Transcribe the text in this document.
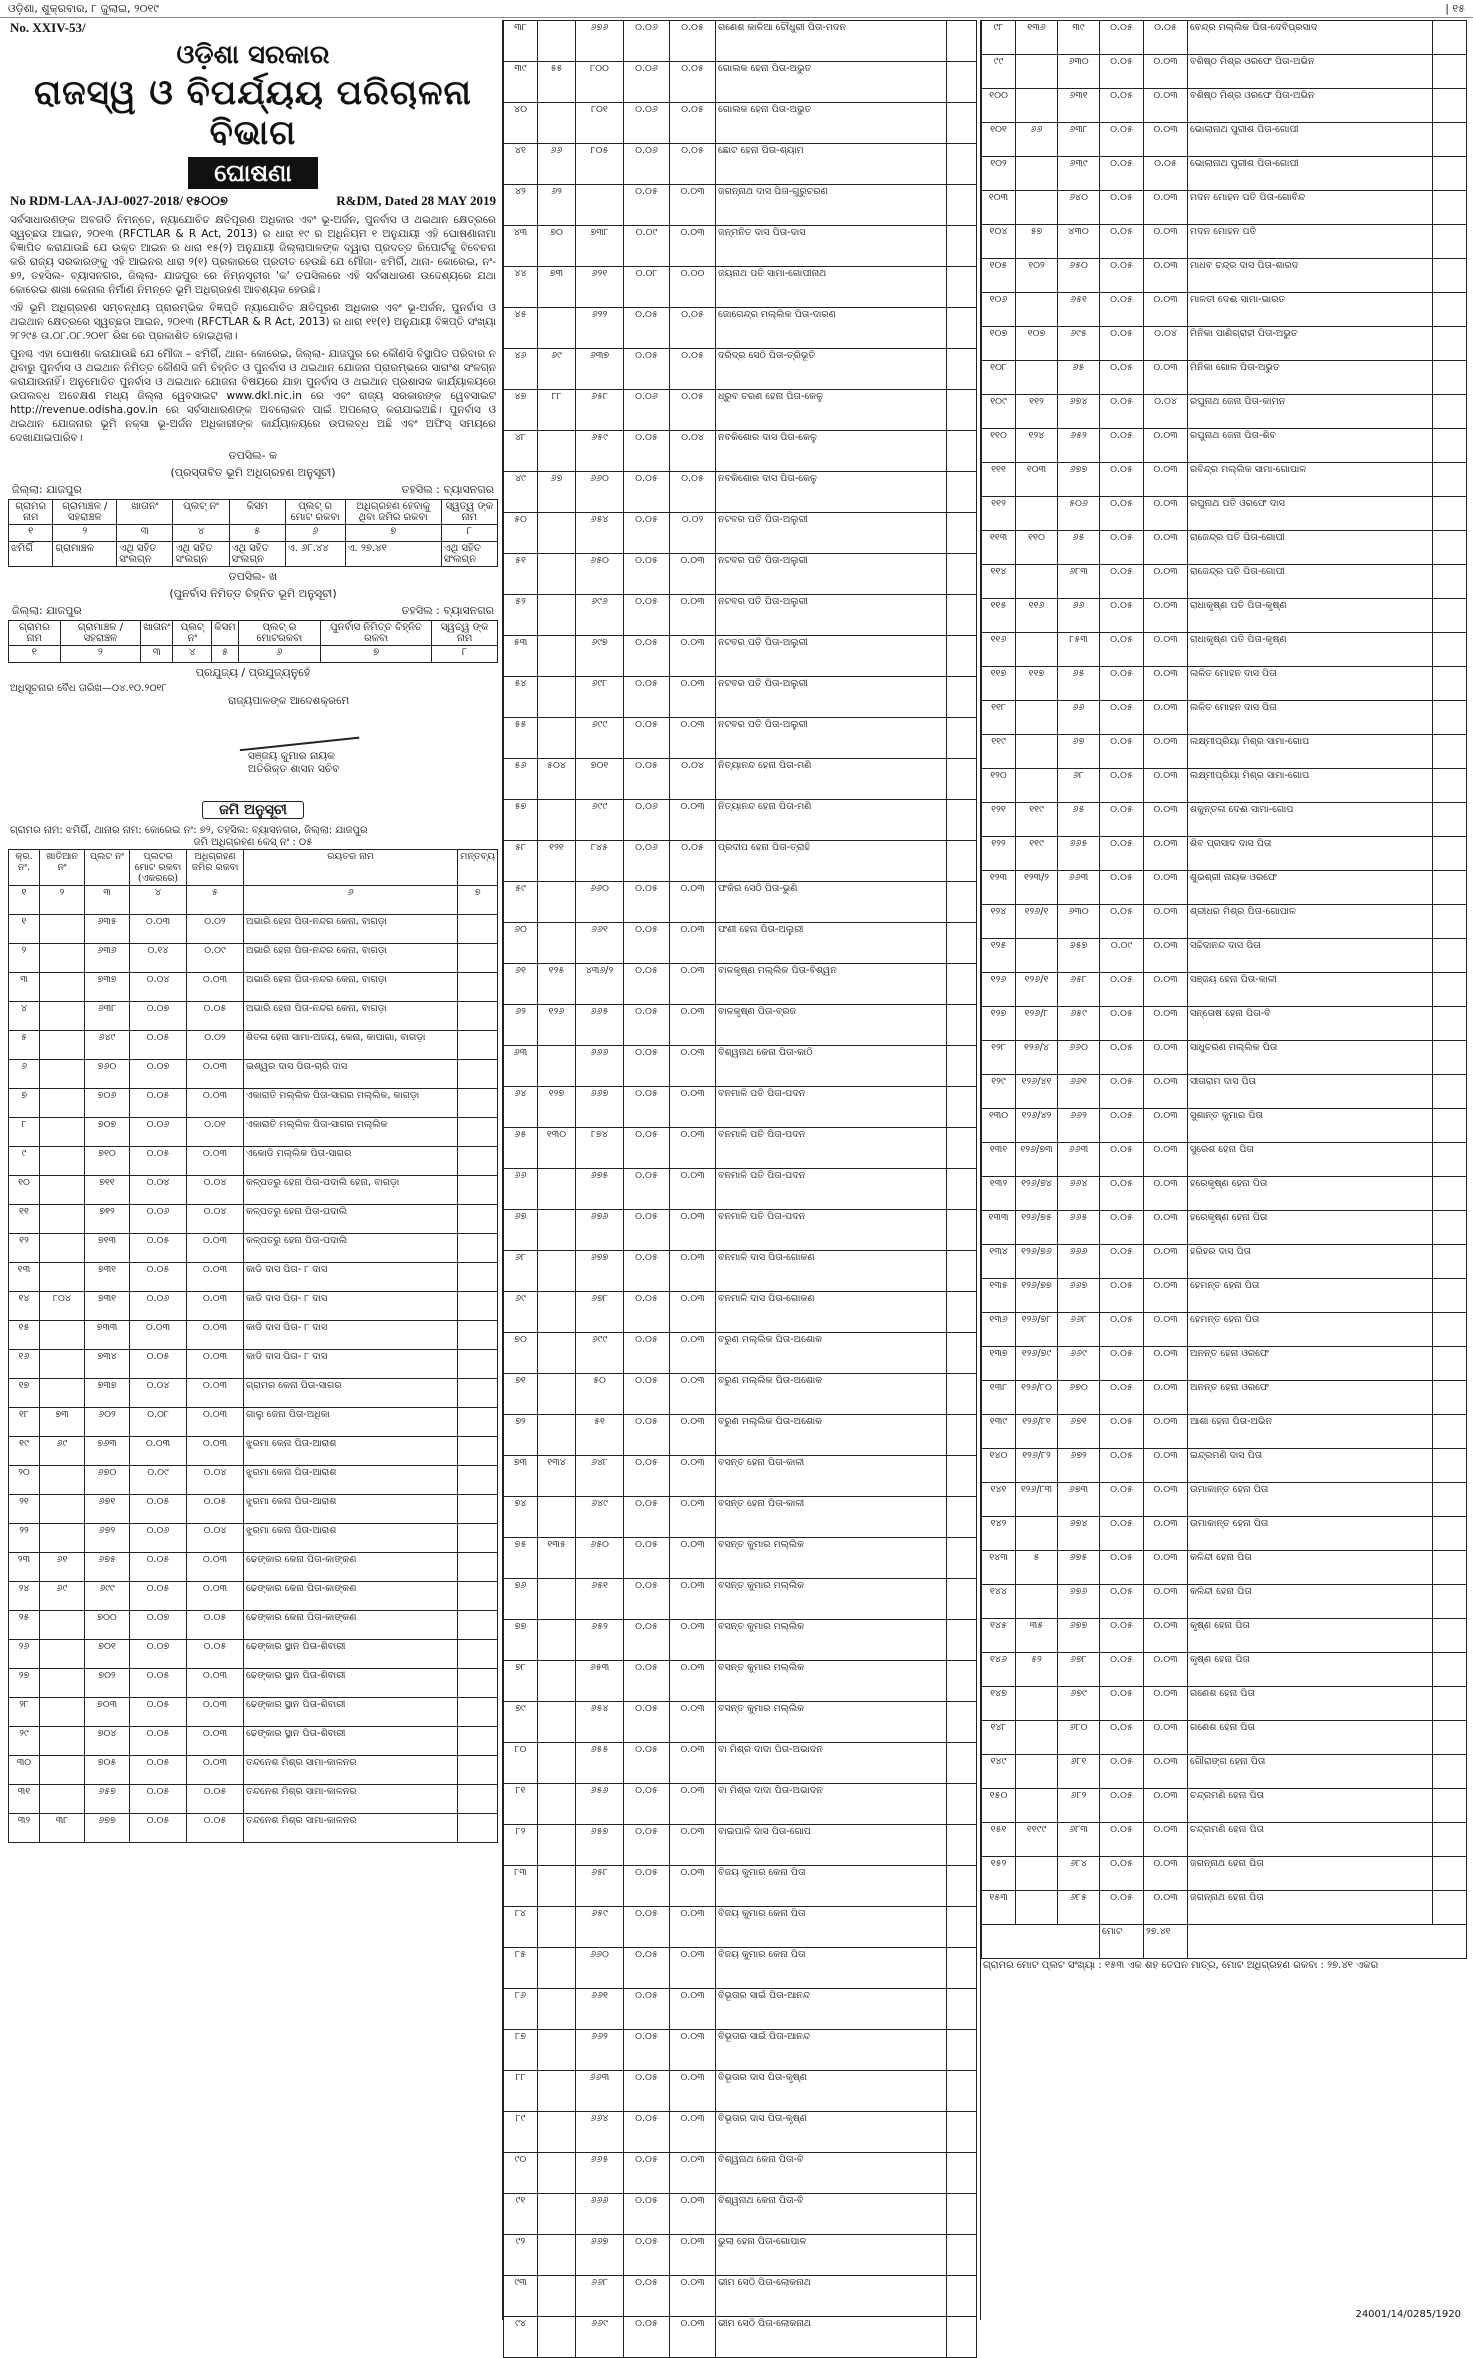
ଓଡ଼ିଶା, ଶୁକ୍ରବାର, ୮ ଜୁଲାଇ, ୨୦୧୯	| ୧୫
No. XXIV-53/
ଓଡ଼ିଶା ସରକାର
ରାଜସ୍ୱ ଓ ବିପର୍ଯ୍ୟୟ ପରିଚାଳନା ବିଭାଗ
ଘୋଷଣା
No RDM-LAA-JAJ-0027-2018/ ୧୫୦୦୭	R&DM, Dated 28 MAY 2019

ସର୍ବସାଧାରଣଙ୍କ ଅବଗତି ନିମନ୍ତେ, ନ୍ୟାଯୋଚିତ କ୍ଷତିପୂରଣ ଅଧିକାର ଏବଂ ଭୂ-ଅର୍ଜନ, ପୁନର୍ବାସ ଓ ଥଇଥାନ କ୍ଷେତ୍ରରେ ସ୍ୱଚ୍ଛତା ଆଇନ, ୨୦୧୩ (RFCTLAR & R Act, 2013) ର ଧାରା ୧୯ ର ଅଧିନିୟମ ୧ ଅନୁଯାୟୀ ଏହି ଘୋଷଣାନାମା ବିଜ୍ଞାପିତ କରାଯାଉଛି ଯେ ଉକ୍ତ ଆଇନ ର ଧାରା ୧୫(୨) ଅନୁଯାୟୀ ଜିଲ୍ଲାପାଳଙ୍କ ଦ୍ୱାରା ପ୍ରଦତ୍ତ ରିପୋର୍ଟକୁ ବିବେଚନା କରି ରାଜ୍ୟ ସରକାରଙ୍କୁ ଏହି ଆଇନର ଧାରା ୨(୧) ପ୍ରକାରରେ ପ୍ରତୀତ ହେଉଛି ଯେ ମୌଜା- ଝମିର୍ଗି, ଥାନା- କୋରେଇ, ନଂ- ୭୨, ତହସିଲ- ବ୍ୟାସନଗର, ଜିଲ୍ଲା- ଯାଜପୁର ରେ ନିମ୍ନସୂଚୀର 'କ' ତପସିଲରେ ଏହି ସର୍ବସାଧାରଣ ଉଦ୍ଦେଶ୍ୟରେ ଯଥା କୋରେଇ ଶାଖା କେନାଲ ନିର୍ମାଣ ନିମନ୍ତେ ଭୂମି ଅଧିଗ୍ରହଣ ଆବଶ୍ୟକ ହେଉଛି।

ଏହି ଭୂମି ଅଧିଗ୍ରହଣ ସମ୍ବନ୍ଧୀୟ ପ୍ରାରମ୍ଭିକ ବିଜ୍ଞପ୍ତି ନ୍ୟାଯୋଚିତ କ୍ଷତିପୂରଣ ଅଧିକାର ଏବଂ ଭୂ-ଅର୍ଜନ, ପୁନର୍ବାସ ଓ ଥଇଥାନ କ୍ଷେତ୍ରରେ ସ୍ୱଚ୍ଛତା ଆଇନ, ୨୦୧୩ (RFCTLAR & R Act, 2013) ର ଧାରା ୧୧(୧) ଅନୁଯାୟୀ ବିଜ୍ଞପ୍ତି ସଂଖ୍ୟା ୨୮୨୯୫ ତା.୦୮.୦୮.୨୦୧୮ ରିଖ ରେ ପ୍ରକାଶିତ ହୋଇଥିଲା।

ପୁନଶ୍ଚ ଏହା ଘୋଷଣା କରାଯାଉଛି ଯେ ମୌଜା – ଝମିର୍ଗି, ଥାନା- କୋରେଇ, ଜିଲ୍ଲା- ଯାଜପୁର ରେ କୌଣସି ବିସ୍ଥାପିତ ପରିବାର ନ ଥିବାରୁ ପୁନର୍ବାସ ଓ ଥଇଥାନ ନିମିତ୍ତ କୌଣସି ଜମି ଚିହ୍ନିତ ଓ ପୁନର୍ବାସ ଓ ଥଇଥାନ ଯୋଜନା ପ୍ରାରମ୍ଭରେ ସାରାଂଶ ସଂଳଗ୍ନ କରାଯାଉନାହିଁ। ଅନୁମୋଦିତ ପୁନର୍ବାସ ଓ ଥଇଥାନ ଯୋଜନା ବିଷୟରେ ଯାହା ପୁନର୍ବାସ ଓ ଥଇଥାନ ପ୍ରଶାସକ କାର୍ଯ୍ୟାଳୟରେ ଉପଲବ୍ଧ ଅବେକ୍ଷଣ ମଧ୍ୟ ଜିଲ୍ଲା ୱେବସାଇଟ www.dkl.nic.in ରେ ଏବଂ ରାଜ୍ୟ ସରକାରଙ୍କ ୱେବସାଇଟ http://revenue.odisha.gov.in ରେ ସର୍ବସାଧାରଣଙ୍କ ଅବଲୋକନ ପାଇଁ ଅପଲୋଡ୍ କରାଯାଇଅଛି। ପୁନର୍ବାସ ଓ ଥଇଥାନ ଯୋଜନାର ଭୂମି ନକ୍ସା ଭୂ-ଅର୍ଜନ ଅଧିକାରୀଙ୍କ କାର୍ଯ୍ୟାଳୟରେ ଉପଲବ୍ଧ ଅଛି ଏବଂ ଅଫିସ୍ ସମୟରେ ଦେଖାଯାଇପାରିବ।

ତପସିଲ- କ
(ପ୍ରସ୍ତାବିତ ଭୂମି ଅଧିଗ୍ରହଣ ଅନୁସୂଚୀ)
ଜିଲ୍ଲା: ଯାଜପୁର	ତହସିଲ : ବ୍ୟାସନଗର
ଗ୍ରାମର ନାମ	ଗ୍ରାମାଞ୍ଚଳ / ସହରାଞ୍ଚଳ	ଖାତାନଂ	ପ୍ଲଟ୍ ନଂ	କିସମ	ପ୍ଲଟ୍ ର ମୋଟ ରକବା	ଅଧିଗ୍ରହଣ ହେବାକୁ ଥିବା ଜମିର ରକବା	ସ୍ୱତ୍ୱ ଙ୍କ ନାମ
୧	୨	୩	୪	୫	୬	୭	୮
ଝମିର୍ଗି	ଗ୍ରାମାଞ୍ଚଳ	ଏଥି ସହିତ ସଂଲଗ୍ନ	ଏଥି ସହିତ ସଂଲଗ୍ନ	ଏଥି ସହିତ ସଂଲଗ୍ନ	ଏ. ୬୮.୪୪	ଏ. ୨୭.୪୧	ଏଥି ସହିତ ସଂଲଗ୍ନ
ତପସିଲ- ଖ
(ପୁନର୍ବାସ ନିମିତ୍ତ ଚିହ୍ନିତ ଭୂମି ଅନୁସୂଚୀ)
ଜିଲ୍ଲା: ଯାଜପୁର	ତହସିଲ : ବ୍ୟାସନଗର
ଗ୍ରାମର ନାମ	ଗ୍ରାମାଞ୍ଚଳ / ସହରାଞ୍ଚଳ	ଖାତାନଂ	ପ୍ଲଟ୍ ନଂ	କିସମ	ପ୍ଲଟ୍ ର ମୋଟରକବା	ପୁନର୍ବାସ ନିମିତ୍ତ ଚିହ୍ନିତ ରକବା	ସ୍ୱତ୍ୱ ଙ୍କ ନାମ
୧	୨	୩	୪	୫	୬	୭	୮
ପ୍ରଯୁଜ୍ୟ / ପ୍ରଯୁଜ୍ୟନୁହେଁ
ଅଧିସୂଚନାର ବୈଧ ତାରିଖ—୦୪.୧୦.୨୦୧୮
ରାଜ୍ୟପାଳଙ୍କ ଆଦେଶକ୍ରମେ
ସଞ୍ଜୟ କୁମାର ନାୟକ
ଅତିରିକ୍ତ ଶାସନ ସଚିବ
ଜମି ଅନୁସୂଚୀ
ଗ୍ରାମର ନାମ: ଝମିର୍ଗି, ଥାନାର ନାମ: କୋରେଇ ନଂ: ୭୨, ତହସିଲ: ବ୍ୟାସନଗର, ଜିଲ୍ଲା: ଯାଜପୁର
ଜମି ଅଧିଗ୍ରହଣ କେସ୍ ନଂ : ୦୫
କ୍ର. ନଂ.	ଖାତିଆନ ନଂ	ପ୍ଲଟ ନଂ	ପ୍ଲଟର ମୋଟ ରକବା (ଏକରରେ)	ଅଧିଗ୍ରହଣ ଜମିର ରକବା	ରୟତର ନାମ	ମନ୍ତବ୍ୟ
୧	୨	୩	୪	୫	୬	୭
୧		୬୩୫	୦.୦୩	୦.୦୨	ଅଭାରି ହେନା ପିତା-ନନ୍ଦର କେନା, ବାଗଡ଼ା	
୨		୬୩୬	୦.୧୪	୦.୦୯	ଅଭାରି ହେନା ପିତା-ନନ୍ଦର କେନା, ବାଗଡ଼ା	
୩		୭୩୭	୦.୦୪	୦.୦୩	ଅଭାରି ହେନା ପିତା-ନନ୍ଦର କେନା, ବାଗଡ଼ା	
୪		୬୩୮	୦.୦୭	୦.୦୫	ଅଭାରି ହେନା ପିତା-ନନ୍ଦର କେନା, ବାଗଡ଼ା	
୫		୬୪୯	୦.୦୫	୦.୦୨	ଶିତଳା ହେନା ସାମା-ଅଜୟ, କେନା, କାପାଗା, ବାଗଡ଼ା	
୬		୭୬୦	୦.୦୭	୦.୦୩	ଇଶ୍ୱର ଦାସ ପିତା-ଚାରି ଦାସ	
୭		୭୦୬	୦.୦୫	୦.୦୩	ଏକାରାତି ମଲ୍ଲିକ ପିତା-ସାଗର ମଲ୍ଲିକ, କାଗଡ଼ା	
୮		୭୦୭	୦.୦୬	୦.୦୧	ଏକାରାତି ମଲ୍ଲିକ ପିତା-ସାଗର ମଲ୍ଲିକ	
୯		୭୧୦	୦.୦୫	୦.୦୩	ଏକୋଡି ମଲ୍ଲିକ ପିତା-ସାଗର	
୧୦		୭୧୧	୦.୦୪	୦.୦୪	କଳ୍ପତରୁ ହେନା ପିତା-ପଦାଲି ହେନା, ବାଗଡ଼ା	
୧୧		୭୧୨	୦.୦୬	୦.୦୪	କଳ୍ପତରୁ ହେନା ପିତା-ପଦାଲି	
୧୨		୭୧୩	୦.୦୫	୦.୦୩	କଳ୍ପତରୁ ହେନା ପିତା-ପଦାଲି	
୧୩		୭୩୧	୦.୦୫	୦.୦୩	କାଡି ଦାସ ପିତା- ୮ ଦାସ	
୧୪	୮୦୪	୭୩୧	୦.୦୬	୦.୦୩	କାଡି ଦାସ ପିତା- ୮ ଦାସ	
୧୫		୭୩୩	୦.୦୩	୦.୦୩	କାଡି ଦାସ ପିତା- ୮ ଦାସ	
୧୬		୭୩୪	୦.୦୫	୦.୦୩	କାଡି ଦାସ ପିତା- ୮ ଦାସ	
୧୭		୭୩୭	୦.୦୪	୦.୦୩	ଗ୍ରାମର କେନା ପିତା-ସାଗର	
୧୮	୭୩	୬୦୨	୦.୦୮	୦.୦୩	ଗାଲୁ ଜେନା ପିତା-ଅଧିକା	
୧୯	୬୯	୭୬୩	୦.୦୩	୦.୦୩	ଝୁରମା କେନା ପିତା-ଆରାଶ	
୨୦		୬୭୦	୦.୦୯	୦.୦୪	ଝୁରମା କେନା ପିତା-ଆରାଶ	
୨୧		୬୭୧	୦.୦୫	୦.୦୫	ଝୁରମା କେନା ପିତା-ଆରାଶ	
୨୨		୬୭୨	୦.୦୬	୦.୦୪	ଝୁରମା କେନା ପିତା-ଆରାଶ	
୨୩	୬୧	୬୭୫	୦.୦୫	୦.୦୩	ଢେଙ୍କାର କେନା ପିତା-କାଙ୍କଣ	
୨୪	୬୯	୬୯୯	୦.୦୫	୦.୦୩	ଢେଙ୍କାର କେନା ପିତା-କାଙ୍କଣ	
୨୫		୭୦୦	୦.୦୭	୦.୦୫	ଢେଙ୍କାର କେନା ପିତା-କାଙ୍କଣ	
୨୬		୭୦୧	୦.୦୭	୦.୦୫	ଢେଙ୍କାର ସ୍ଥାନ ପିତା-ଶିବାରୀ	
୨୭		୭୦୨	୦.୦୫	୦.୦୩	ଢେଙ୍କାର ସ୍ଥାନ ପିତା-ଶିବାରୀ	
୨୮		୭୦୩	୦.୦୫	୦.୦୩	ଢେଙ୍କାର ସ୍ଥାନ ପିତା-ଶିବାରୀ	
୨୯		୭୦୪	୦.୦୫	୦.୦୩	ଢେଙ୍କାର ସ୍ଥାନ ପିତା-ଶିବାରୀ	
୩୦		୭୦୫	୦.୦୫	୦.୦୩	ତନ୍ଦନେଶ ମିଶ୍ର ସାମା-କାଳନର	
୩୧		୬୫୭	୦.୦୫	୦.୦୫	ତନ୍ଦନେଶ ମିଶ୍ର ସାମା-କାଳନର	
୩୨	୩୮	୬୭୭	୦.୦୫	୦.୦୫	ତନ୍ଦନେଶ ମିଶ୍ର ସାମା-କାଳନର	
୩୮		୬୭୬	୦.୦୬	୦.୦୫	ଗଣେଶ କାଳିଆ ଚୌଧୁରୀ ପିତା-ମଦନ	
୩୯	୫୫	୮୦୦	୦.୦୬	୦.୦୫	ଗୋଲକ ହେନା ପିତା-ଅଭୁତ	
୪୦		୮୦୧	୦.୦୬	୦.୦୫	ଗୋଲକ ହେନା ପିତା-ଅଭୁତ	
୪୧	୬୬	୮୦୫	୦.୦୬	୦.୦୫	ଛୋଟ ହେନା ପିତା-ଶ୍ୟାମ	
୪୨	୬୨		୦.୦୫	୦.୦୩	ଜଗନ୍ନାଥ ଦାସ ପିତା-ଗୁରୁଚରଣ	
୪୩	୭୦	୭୩୮	୦.୦୯	୦.୦୩	ଜନ୍ମନିତ ଦାସ ପିତା-ଦାସ	
୪୪	୭୩	୬୨୧	୦.୦୮	୦.୦୦	ଜୟନାଥ ପତି ସାମା-ଗୋପୀନାଥ	
୪୫		୬୨୨	୦.୦୫	୦.୦୫	ଜୋଗେନ୍ଦ୍ର ମଲ୍ଲିକ ପିତା-ଦାରଣ	
୪୬	୬୯	୬୩୭	୦.୦୫	୦.୦୫	ଦରିଦ୍ର ସେଠି ପିତା-ତ୍ରିଭୂତି	
୪୭	୮୮	୬୫୮	୦.୦୬	୦.୦୫	ଧ୍ରୁବ ଚରଣ ହେନା ପିତା-କେଳୁ	
୪୮		୬୫୯	୦.୦୫	୦.୦୪	ନବକିଶୋର ଦାସ ପିତା-କେଳୁ	
୪୯	୬୭	୬୬୦	୦.୦୫	୦.୦୫	ନବକିଶୋର ଦାସ ପିତା-କେଳୁ	
୫୦		୬୫୪	୦.୦୫	୦.୦୨	ନଟବର ପତି ପିତା-ଅଲୁରୀ	
୫୧		୬୫୦	୦.୦୫	୦.୦୩	ନଟବର ପତି ପିତା-ଅଲୁରୀ	
୫୨		୬୯୬	୦.୦୫	୦.୦୩	ନଟବର ପତି ପିତା-ଅଲୁରୀ	
୫୩		୬୯୭	୦.୦୫	୦.୦୩	ନଟବର ପତି ପିତା-ଅଲୁରୀ	
୫୪		୬୯୮	୦.୦୫	୦.୦୩	ନଟବର ପତି ପିତା-ଅଲୁରୀ	
୫୫		୬୯୯	୦.୦୫	୦.୦୩	ନଟବର ପତି ପିତା-ଅଲୁରୀ	
୫୬	୫୦୪	୭୦୧	୦.୦୫	୦.୦୪	ନିତ୍ୟାନନ୍ଦ ହେନା ପିତା-ମଣି	
୫୭		୬୯୯	୦.୦୬	୦.୦୩	ନିତ୍ୟାନନ୍ଦ ହେନା ପିତା-ମଣି	
୫୮	୧୨୧	୮୪୫	୦.୦୬	୦.୦୫	ପ୍ରଦୀପ ହେନା ପିତା-ତ୍ରାହି	
୫୯		୬୬୦	୦.୦୫	୦.୦୩	ଫକିର ସେଠି ପିତା-ଭୁଣି	
୬୦		୬୬୧	୦.୦୫	୦.୦୩	ଫଣୀ ହେନା ପିତା-ଅଲୁରୀ	
୬୧	୧୨୫	୪୩୬/୨	୦.୦୫	୦.୦୩	ବାଳକୃଷ୍ଣ ମଲ୍ଲିକ ପିତା-ବିଶ୍ୱନ	
୬୨	୧୨୬	୬୬୫	୦.୦୫	୦.୦୩	ବାଳକୃଷ୍ଣ ପିତା-ବ୍ରଜ	
୬୩		୬୬୬	୦.୦୫	୦.୦୩	ବିଶ୍ୱନାଥ କେନା ପିତା-କାଠି	
୬୪	୧୨୭	୬୬୭	୦.୦୫	୦.୦୩	ବନମାଳି ପତି ପିତା-ପଦନ	
୬୫	୧୩୦	୮୭୪	୦.୦୫	୦.୦୩	ବନମାଳି ପତି ପିତା-ପଦନ	
୬୬		୬୭୫	୦.୦୫	୦.୦୩	ବନମାଳି ପତି ପିତା-ପଦନ	
୬୭		୬୭୬	୦.୦୫	୦.୦୩	ବନମାଳି ପତି ପିତା-ପଦନ	
୬୮		୬୭୭	୦.୦୫	୦.୦୩	ବନମାଳି ଦାସ ପିତା-ଗୋକଣ	
୬୯		୬୭୮	୦.୦୫	୦.୦୩	ବନମାଳି ଦାସ ପିତା-ଗୋକଣ	
୭୦		୬୯୯	୦.୦୫	୦.୦୩	ବରୁଣ ମଲ୍ଲିକ ପିତା-ଅଶୋକ	
୭୧		୫୦	୦.୦୫	୦.୦୩	ବରୁଣ ମଲ୍ଲିକ ପିତା-ଅଶୋକ	
୭୨		୫୧	୦.୦୫	୦.୦୩	ବରୁଣ ମଲ୍ଲିକ ପିତା-ଅଶୋକ	
୭୩	୧୩୪	୬୪୮	୦.୦୫	୦.୦୩	ବସନ୍ତ ହେନା ପିତା-କାଳୀ	
୭୪		୬୪୯	୦.୦୫	୦.୦୩	ବସନ୍ତ ହେନା ପିତା-କାଳୀ	
୭୫	୧୩୫	୬୫୦	୦.୦୫	୦.୦୩	ବସନ୍ତ କୁମାର ମଲ୍ଲିକ	
୭୬		୬୫୧	୦.୦୫	୦.୦୩	ବସନ୍ତ କୁମାର ମଲ୍ଲିକ	
୭୭		୬୫୨	୦.୦୫	୦.୦୩	ବସନ୍ତ କୁମାର ମଲ୍ଲିକ	
୭୮		୬୫୩	୦.୦୫	୦.୦୩	ବସନ୍ତ କୁମାର ମଲ୍ଲିକ	
୭୯		୬୫୪	୦.୦୫	୦.୦୩	ବସନ୍ତ କୁମାର ମଲ୍ଲିକ	
୮୦		୬୫୫	୦.୦୫	୦.୦୩	ବା ମିଶ୍ର ଦାଦା ପିତା-ଅଭାଦନ	
୮୧		୬୫୬	୦.୦୫	୦.୦୩	ବା ମିଶ୍ର ଦାଦା ପିତା-ଅଭାଦନ	
୮୨		୬୫୭	୦.୦୫	୦.୦୩	ବାଇପାଳି ଦାସ ପିତା-ଗୋପ	
୮୩		୬୫୮	୦.୦୫	୦.୦୩	ବିଜୟ କୁମାର କେନା ପିତା	
୮୪		୬୫୯	୦.୦୫	୦.୦୩	ବିଜୟ କୁମାର କେନା ପିତା	
୮୫		୬୬୦	୦.୦୫	୦.୦୩	ବିଜୟ କୁମାର କେନା ପିତା	
୮୬		୬୬୧	୦.୦୫	୦.୦୩	ବିଭୂତାର ସାଇଁ ପିତା-ଆନନ୍ଦ	
୮୭		୬୬୨	୦.୦୫	୦.୦୩	ବିଭୂତାର ସାଇଁ ପିତା-ଆନନ୍ଦ	
୮୮		୬୬୩	୦.୦୫	୦.୦୩	ବିଭୂତାର ଦାସ ପିତା-କୃଷ୍ଣ	
୮୯		୬୬୪	୦.୦୫	୦.୦୩	ବିଭୂତାର ଦାସ ପିତା-କୃଷ୍ଣ	
୯୦		୬୬୫	୦.୦୫	୦.୦୩	ବିଶ୍ୱନାଥ କେନା ପିତା-ବି	
୯୧		୬୬୬	୦.୦୫	୦.୦୩	ବିଶ୍ୱନାଥ କେନା ପିତା-ବି	
୯୨		୬୬୭	୦.୦୫	୦.୦୩	ଭୁଲା ହେନା ପିତା-ଗୋପାଳ	
୯୩		୬୬୮	୦.୦୫	୦.୦୩	ଭୀମ ସେଠି ପିତା-ଲୋକନାଥ	
୯୪		୬୬୯	୦.୦୫	୦.୦୩	ଭୀମ ସେଠି ପିତା-ଲୋକନାଥ	
୯୮	୧୩୬	୩୯	୦.୦୫	୦.୦୫	ବେନ୍ଦ୍ର ମଲ୍ଲିକ ପିତା-ଦେବିପ୍ରସାଦ	
୯୯		୬୩୦	୦.୦୫	୦.୦୩	ବଶିଷ୍ଠ ମିଶ୍ର ଓରଫେ ପିତା-ଅଭିନ	
୧୦୦		୬୩୧	୦.୦୫	୦.୦୩	ବଶିଷ୍ଠ ମିଶ୍ର ଓରଫେ ପିତା-ଅଭିନ	
୧୦୧	୬୬	୬୩୮	୦.୦୫	୦.୦୩	ଭୋଲାନାଥ ପୁରୀଶ ପିତା-ଗୋପୀ	
୧୦୨		୬୩୯	୦.୦୫	୦.୦୫	ଭୋଲାନାଥ ପୁରୀଶ ପିତା-ଗୋପୀ	
୧୦୩		୬୪୦	୦.୦୫	୦.୦୩	ମଦନ ମୋହନ ପତି ପିତା-ଗୋବିନ୍ଦ	
୧୦୪	୫୭	୪୩୦	୦.୦୫	୦.୦୩	ମଦନ ମୋହନ ପତି	
୧୦୫	୧୦୨	୬୫୦	୦.୦୫	୦.୦୩	ମାଧବ ଚନ୍ଦ୍ର ଦାସ ପିତା-ଶାରଦ	
୧୦୬		୬୫୧	୦.୦୫	୦.୦୩	ମାଳତୀ ଦେଈ ସାମା-ଭାରତ	
୧୦୭	୧୦୭	୬୯୫	୦.୦୫	୦.୦୪	ମିନିକା ପାଣିଗ୍ରାହୀ ପିତା-ଅଭୁତ	
୧୦୮		୬୫	୦.୦୫	୦.୦୩	ମିନିକା ଗୋଳ ପିତା-ଅଭୁତ	
୧୦୯	୧୧୨	୬୭୪	୦.୦୫	୦.୦୪	ରଘୁନାଥ ଜେନା ପିତା-କାମନ	
୧୧୦	୧୨୪	୬୫୨	୦.୦୫	୦.୦୩	ରଘୁନାଥ ଜେନା ପିତା-ଶିବ	
୧୧୧	୧୦୩	୬୭୭	୦.୦୫	୦.୦୩	ରବିନ୍ଦ୍ର ମଲ୍ଲିକ ସାମା-ଗୋପାଳ	
୧୧୨		୫୦୬	୦.୦୫	୦.୦୩	ରଘୁନାଥ ପତି ଓରଫେ ଦାସ	
୧୧୩	୧୧୦	୬୫	୦.୦୫	୦.୦୩	ରାଜେନ୍ଦ୍ର ପତି ପିତା-ଗୋପୀ	
୧୧୪		୬୮୩	୦.୦୫	୦.୦୩	ରାଜେନ୍ଦ୍ର ପତି ପିତା-ଗୋପୀ	
୧୧୫	୧୧୬	୬୬	୦.୦୫	୦.୦୩	ରାଧାକୃଷ୍ଣ ପତି ପିତା-କୃଷ୍ଣ	
୧୧୬		୮୫୩	୦.୦୫	୦.୦୩	ରାଧାକୃଷ୍ଣ ପତି ପିତା-କୃଷ୍ଣ	
୧୧୭	୧୧୭	୬୫	୦.୦୫	୦.୦୩	ଲଳିତ ମୋହନ ଦାସ ପିତା	
୧୧୮		୬୬	୦.୦୫	୦.୦୩	ଲଳିତ ମୋହନ ଦାସ ପିତା	
୧୧୯		୬୭	୦.୦୫	୦.୦୩	ଲକ୍ଷ୍ମୀପ୍ରିୟା ମିଶ୍ର ସାମା-ଗୋପ	
୧୨୦		୬୮	୦.୦୫	୦.୦୩	ଲକ୍ଷ୍ମୀପ୍ରିୟା ମିଶ୍ର ସାମା-ଗୋପ	
୧୨୧	୧୧୯	୬୫	୦.୦୫	୦.୦୩	ଶକୁନ୍ତଳା ଦେଈ ସାମା-ଗୋପ	
୧୨୨	୧୧୯	୬୬୫	୦.୦୫	୦.୦୩	ଶିବ ପ୍ରସାଦ ଦାସ ପିତା	
୧୨୩	୧୨୩/୨	୬୬୩	୦.୦୫	୦.୦୩	ଶୁଭଶ୍ରୀ ନାୟକ ଓରଫେ	
୧୨୪	୧୨୬/୧	୬୩୦	୦.୦୫	୦.୦୩	ଶ୍ରୀଧର ମିଶ୍ର ପିତା-ଗୋପାଳ	
୧୨୫		୬୫୭	୦.୦୯	୦.୦୩	ସଚ୍ଚିଦାନନ୍ଦ ଦାସ ପିତା	
୧୨୬	୧୨୬/୧	୬୫୮	୦.୦୫	୦.୦୩	ସଞ୍ଜୟ ହେନା ପିତା-କାଳୀ	
୧୨୭	୧୨୬/୮	୬୫୯	୦.୦୫	୦.୦୩	ସନ୍ତୋଷ ହେନା ପିତା-ବି	
୧୨୮	୧୨୬/୪	୬୬୦	୦.୦୫	୦.୦୩	ସାଧୁଚରଣ ମଲ୍ଲିକ ପିତା	
୧୨୯	୧୨୬/୪୧	୬୬୧	୦.୦୫	୦.୦୩	ସୀତାରାମ ଦାସ ପିତା	
୧୩୦	୧୨୬/୪୨	୬୬୨	୦.୦୫	୦.୦୩	ସୁଶାନ୍ତ କୁମାର ପିତା	
୧୩୧	୧୨୬/୭୩	୬୬୩	୦.୦୫	୦.୦୩	ସୁରେଶ ହେନା ପିତା	
୧୩୨	୧୨୬/୭୪	୬୬୪	୦.୦୫	୦.୦୩	ହରେକୃଷ୍ଣ ହେନା ପିତା	
୧୩୩	୧୨୬/୭୫	୬୬୫	୦.୦୫	୦.୦୩	ହରେକୃଷ୍ଣ ହେନା ପିତା	
୧୩୪	୧୨୬/୭୬	୬୬୬	୦.୦୫	୦.୦୩	ହରିହର ଦାସ ପିତା	
୧୩୫	୧୨୬/୭୭	୬୬୭	୦.୦୫	୦.୦୩	ହେମନ୍ତ ହେନା ପିତା	
୧୩୬	୧୨୬/୭୮	୬୬୮	୦.୦୫	୦.୦୩	ହେମନ୍ତ ହେନା ପିତା	
୧୩୭	୧୨୬/୭୯	୬୬୯	୦.୦୫	୦.୦୩	ଅନନ୍ତ ହେନା ଓରଫେ	
୧୩୮	୧୨୬/୮୦	୬୭୦	୦.୦୫	୦.୦୩	ଅନନ୍ତ ହେନା ଓରଫେ	
୧୩୯	୧୨୬/୮୧	୬୭୧	୦.୦୫	୦.୦୩	ଆଶା ହେନା ପିତା-ଅଭିନ	
୧୪୦	୧୨୬/୮୨	୬୭୨	୦.୦୫	୦.୦୩	ଇନ୍ଦ୍ରମଣି ଦାସ ପିତା	
୧୪୧	୧୨୬/୮୩	୬୭୩	୦.୦୫	୦.୦୩	ଉମାକାନ୍ତ ହେନା ପିତା	
୧୪୨		୬୭୪	୦.୦୫	୦.୦୩	ଉମାକାନ୍ତ ହେନା ପିତା	
୧୪୩	୫	୬୭୫	୦.୦୫	୦.୦୩	କଳିନ୍ଦୀ ହେନା ପିତା	
୧୪୪		୬୭୬	୦.୦୫	୦.୦୩	କଳିନ୍ଦୀ ହେନା ପିତା	
୧୪୫	୩୫	୬୭୭	୦.୦୫	୦.୦୩	କୃଷ୍ଣ ହେନା ପିତା	
୧୪୬	୫୨	୬୭୮	୦.୦୫	୦.୦୩	କୃଷ୍ଣ ହେନା ପିତା	
୧୪୭		୬୭୯	୦.୦୫	୦.୦୩	ଗଣେଶ ହେନା ପିତା	
୧୪୮		୬୮୦	୦.୦୫	୦.୦୩	ଗଣେଶ ହେନା ପିତା	
୧୪୯		୬୮୧	୦.୦୫	୦.୦୩	ଗୌରାଙ୍ଗ ହେନା ପିତା	
୧୫୦		୬୮୨	୦.୦୫	୦.୦୩	ଚନ୍ଦ୍ରମଣି ହେନା ପିତା	
୧୫୧	୧୧୯୯	୬୮୩	୦.୦୫	୦.୦୩	ଚନ୍ଦ୍ରମଣି ହେନା ପିତା	
୧୫୨		୬୮୪	୦.୦୫	୦.୦୩	ଜଗନ୍ନାଥ ହେନା ପିତା	
୧୫୩		୬୮୫	୦.୦୫	୦.୦୩	ଜଗନ୍ନାଥ ହେନା ପିତା	
			ମୋଟ	୨୭.୪୧		
ଗ୍ରାମର ମୋଟ ପ୍ଲଟ ସଂଖ୍ୟା : ୧୫୩ ଏକ ଶହ ତେପନ ମାତ୍ର, ମୋଟ ଅଧିଗ୍ରହଣ ରକବା : ୨୭.୪୧ ଏକର
24001/14/0285/1920
